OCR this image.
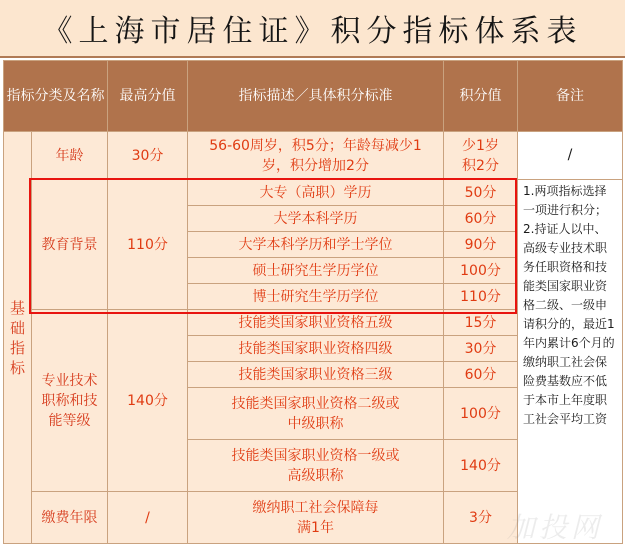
《上海市居住证》积分指标体系表
指标分类及名称		最高分值	指标描述／具体积分标准	积分值	备注
基础指标	年龄	30分	56-60周岁，积5分；年龄每减少1岁，积分增加2分	少1岁积2分	/
	教育背景	110分	大专（高职）学历	50分	1.两项指标选择一项进行积分；2.持证人以中、高级专业技术职务任职资格和技能类国家职业资格二级、一级申请积分的，最近1年内累计6个月的缴纳职工社会保险费基数应不低于本市上年度职工社会平均工资
			大学本科学历	60分	
			大学本科学历和学士学位	90分	
			硕士研究生学历学位	100分	
			博士研究生学历学位	110分	
	专业技术职称和技能等级	140分	技能类国家职业资格五级	15分	
			技能类国家职业资格四级	30分	
			技能类国家职业资格三级	60分	
			技能类国家职业资格二级或中级职称	100分	
			技能类国家职业资格一级或高级职称	140分	
	缴费年限	/	缴纳职工社会保障每满1年	3分	加投网
